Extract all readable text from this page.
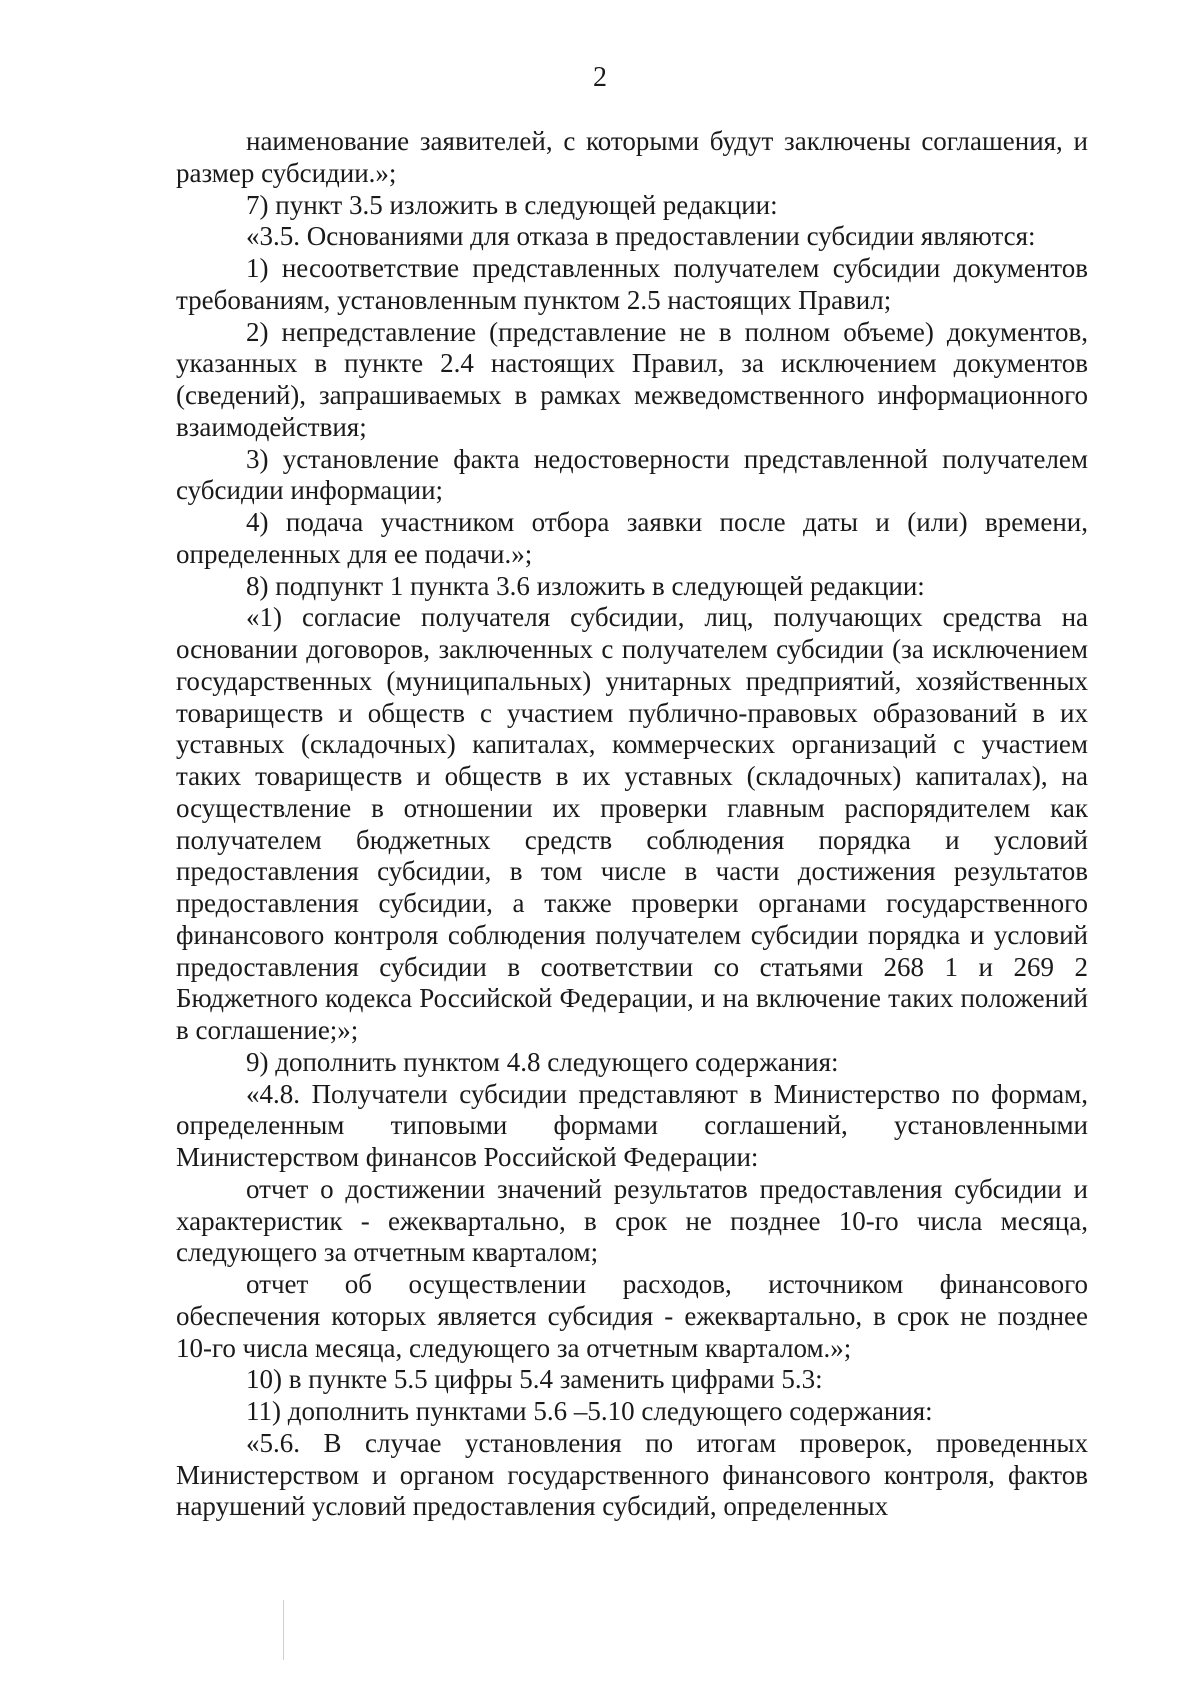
2

наименование заявителей, с которыми будут заключены соглашения, и размер субсидии.»;

7) пункт 3.5 изложить в следующей редакции:

«3.5. Основаниями для отказа в предоставлении субсидии являются:

1) несоответствие представленных получателем субсидии документов требованиям, установленным пунктом 2.5 настоящих Правил;

2) непредставление (представление не в полном объеме) документов, указанных в пункте 2.4 настоящих Правил, за исключением документов (сведений), запрашиваемых в рамках межведомственного информационного взаимодействия;

3) установление факта недостоверности представленной получателем субсидии информации;

4) подача участником отбора заявки после даты и (или) времени, определенных для ее подачи.»;

8) подпункт 1 пункта 3.6 изложить в следующей редакции:

«1) согласие получателя субсидии, лиц, получающих средства на основании договоров, заключенных с получателем субсидии (за исключением государственных (муниципальных) унитарных предприятий, хозяйственных товариществ и обществ с участием публично-правовых образований в их уставных (складочных) капиталах, коммерческих организаций с участием таких товариществ и обществ в их уставных (складочных) капиталах), на осуществление в отношении их проверки главным распорядителем как получателем бюджетных средств соблюдения порядка и условий предоставления субсидии, в том числе в части достижения результатов предоставления субсидии, а также проверки органами государственного финансового контроля соблюдения получателем субсидии порядка и условий предоставления субсидии в соответствии со статьями 268 1 и 269 2 Бюджетного кодекса Российской Федерации, и на включение таких положений в соглашение;»;

9) дополнить пунктом 4.8 следующего содержания:

«4.8. Получатели субсидии представляют в Министерство по формам, определенным типовыми формами соглашений, установленными Министерством финансов Российской Федерации:

отчет о достижении значений результатов предоставления субсидии и характеристик - ежеквартально, в срок не позднее 10-го числа месяца, следующего за отчетным кварталом;

отчет об осуществлении расходов, источником финансового обеспечения которых является субсидия - ежеквартально, в срок не позднее 10-го числа месяца, следующего за отчетным кварталом.»;

10) в пункте 5.5 цифры 5.4 заменить цифрами 5.3:

11) дополнить пунктами 5.6 –5.10 следующего содержания:

«5.6. В случае установления по итогам проверок, проведенных Министерством и органом государственного финансового контроля, фактов нарушений условий предоставления субсидий, определенных
